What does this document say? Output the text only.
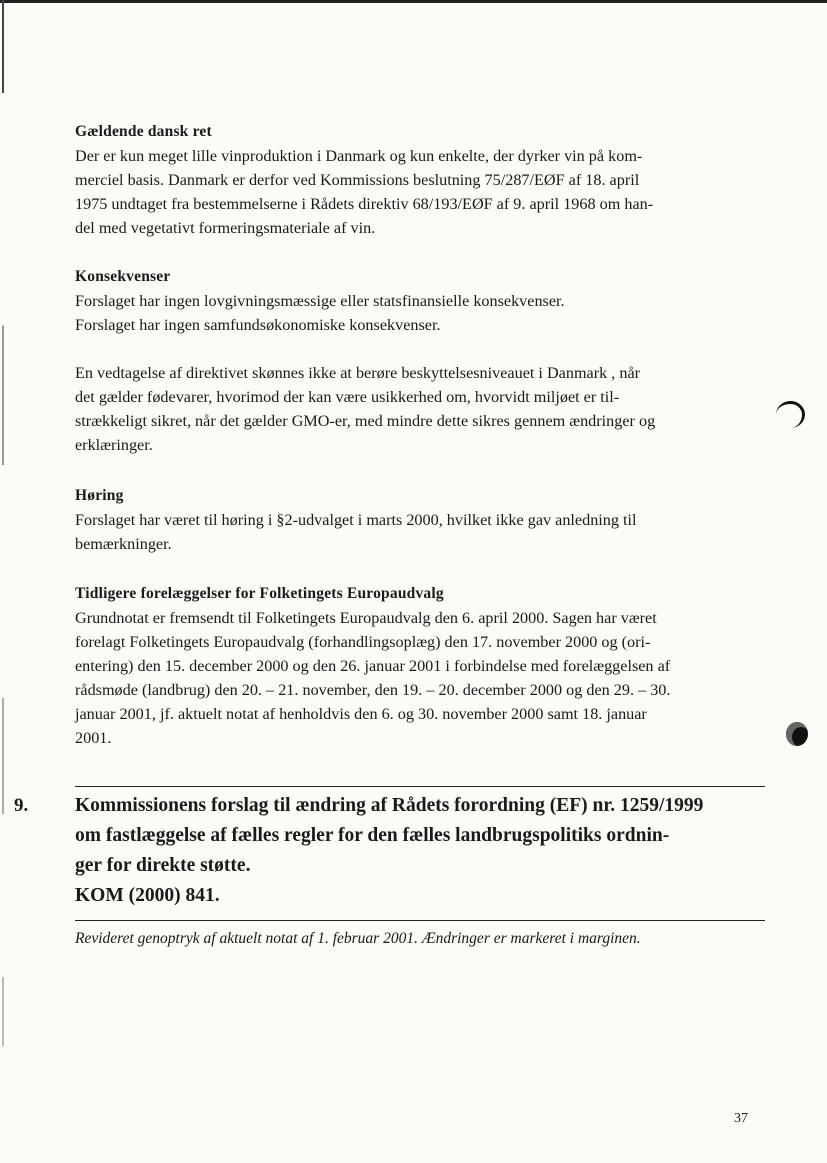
Gældende dansk ret

Der er kun meget lille vinproduktion i Danmark og kun enkelte, der dyrker vin på kom-

merciel basis. Danmark er derfor ved Kommissions beslutning 75/287/EØF af 18. april

1975 undtaget fra bestemmelserne i Rådets direktiv 68/193/EØF af 9. april 1968 om han-

del med vegetativt formeringsmateriale af vin.

Konsekvenser

Forslaget har ingen lovgivningsmæssige eller statsfinansielle konsekvenser.

Forslaget har ingen samfundsøkonomiske konsekvenser.

En vedtagelse af direktivet skønnes ikke at berøre beskyttelsesniveauet i Danmark , når

det gælder fødevarer, hvorimod der kan være usikkerhed om, hvorvidt miljøet er til-

strækkeligt sikret, når det gælder GMO-er, med mindre dette sikres gennem ændringer og

erklæringer.

Høring

Forslaget har været til høring i §2-udvalget i marts 2000, hvilket ikke gav anledning til

bemærkninger.

Tidligere forelæggelser for Folketingets Europaudvalg

Grundnotat er fremsendt til Folketingets Europaudvalg den 6. april 2000. Sagen har været

forelagt Folketingets Europaudvalg (forhandlingsoplæg) den 17. november 2000 og (ori-

entering) den 15. december 2000 og den 26. januar 2001 i forbindelse med forelæggelsen af

rådsmøde (landbrug) den 20. – 21. november, den 19. – 20. december 2000 og den 29. – 30.

januar 2001, jf. aktuelt notat af henholdvis den 6. og 30. november 2000 samt 18. januar

2001.

9. Kommissionens forslag til ændring af Rådets forordning (EF) nr. 1259/1999
om fastlæggelse af fælles regler for den fælles landbrugspolitiks ordnin-
ger for direkte støtte.
KOM (2000) 841.
Revideret genoptryk af aktuelt notat af 1. februar 2001. Ændringer er markeret i marginen.
37
